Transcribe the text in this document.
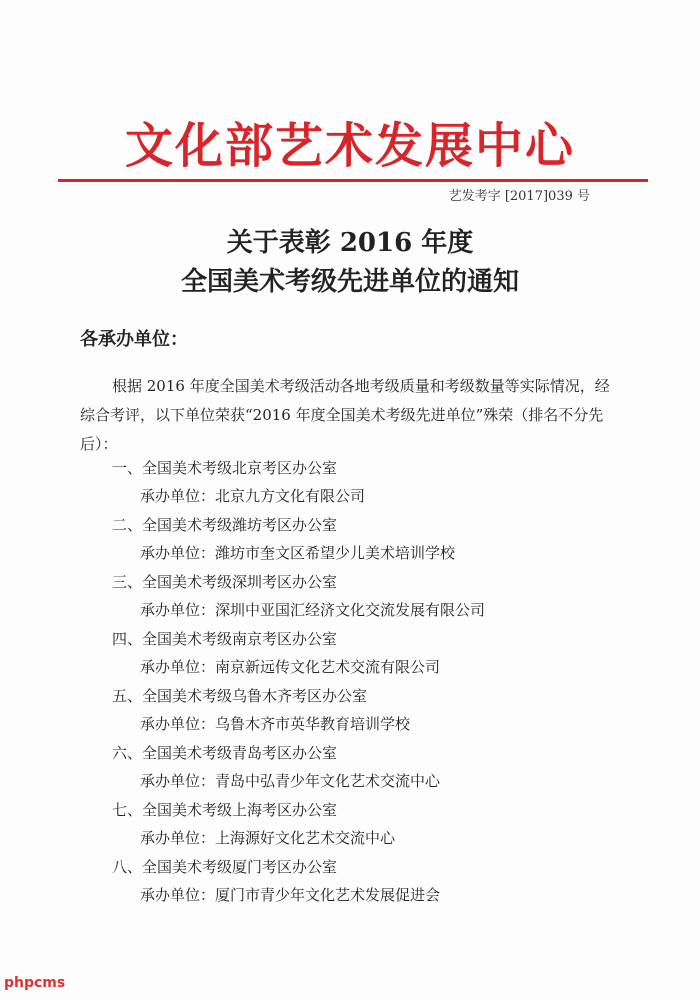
文化部艺术发展中心
艺发考字 [2017]039 号
关于表彰 2016 年度
全国美术考级先进单位的通知
各承办单位：
根据 2016 年度全国美术考级活动各地考级质量和考级数量等实际情况，经综合考评，以下单位荣获“2016 年度全国美术考级先进单位”殊荣（排名不分先后）：
一、全国美术考级北京考区办公室
承办单位：北京九方文化有限公司
二、全国美术考级潍坊考区办公室
承办单位：潍坊市奎文区希望少儿美术培训学校
三、全国美术考级深圳考区办公室
承办单位：深圳中亚国汇经济文化交流发展有限公司
四、全国美术考级南京考区办公室
承办单位：南京新远传文化艺术交流有限公司
五、全国美术考级乌鲁木齐考区办公室
承办单位：乌鲁木齐市英华教育培训学校
六、全国美术考级青岛考区办公室
承办单位：青岛中弘青少年文化艺术交流中心
七、全国美术考级上海考区办公室
承办单位：上海源好文化艺术交流中心
八、全国美术考级厦门考区办公室
承办单位：厦门市青少年文化艺术发展促进会
phpcms
